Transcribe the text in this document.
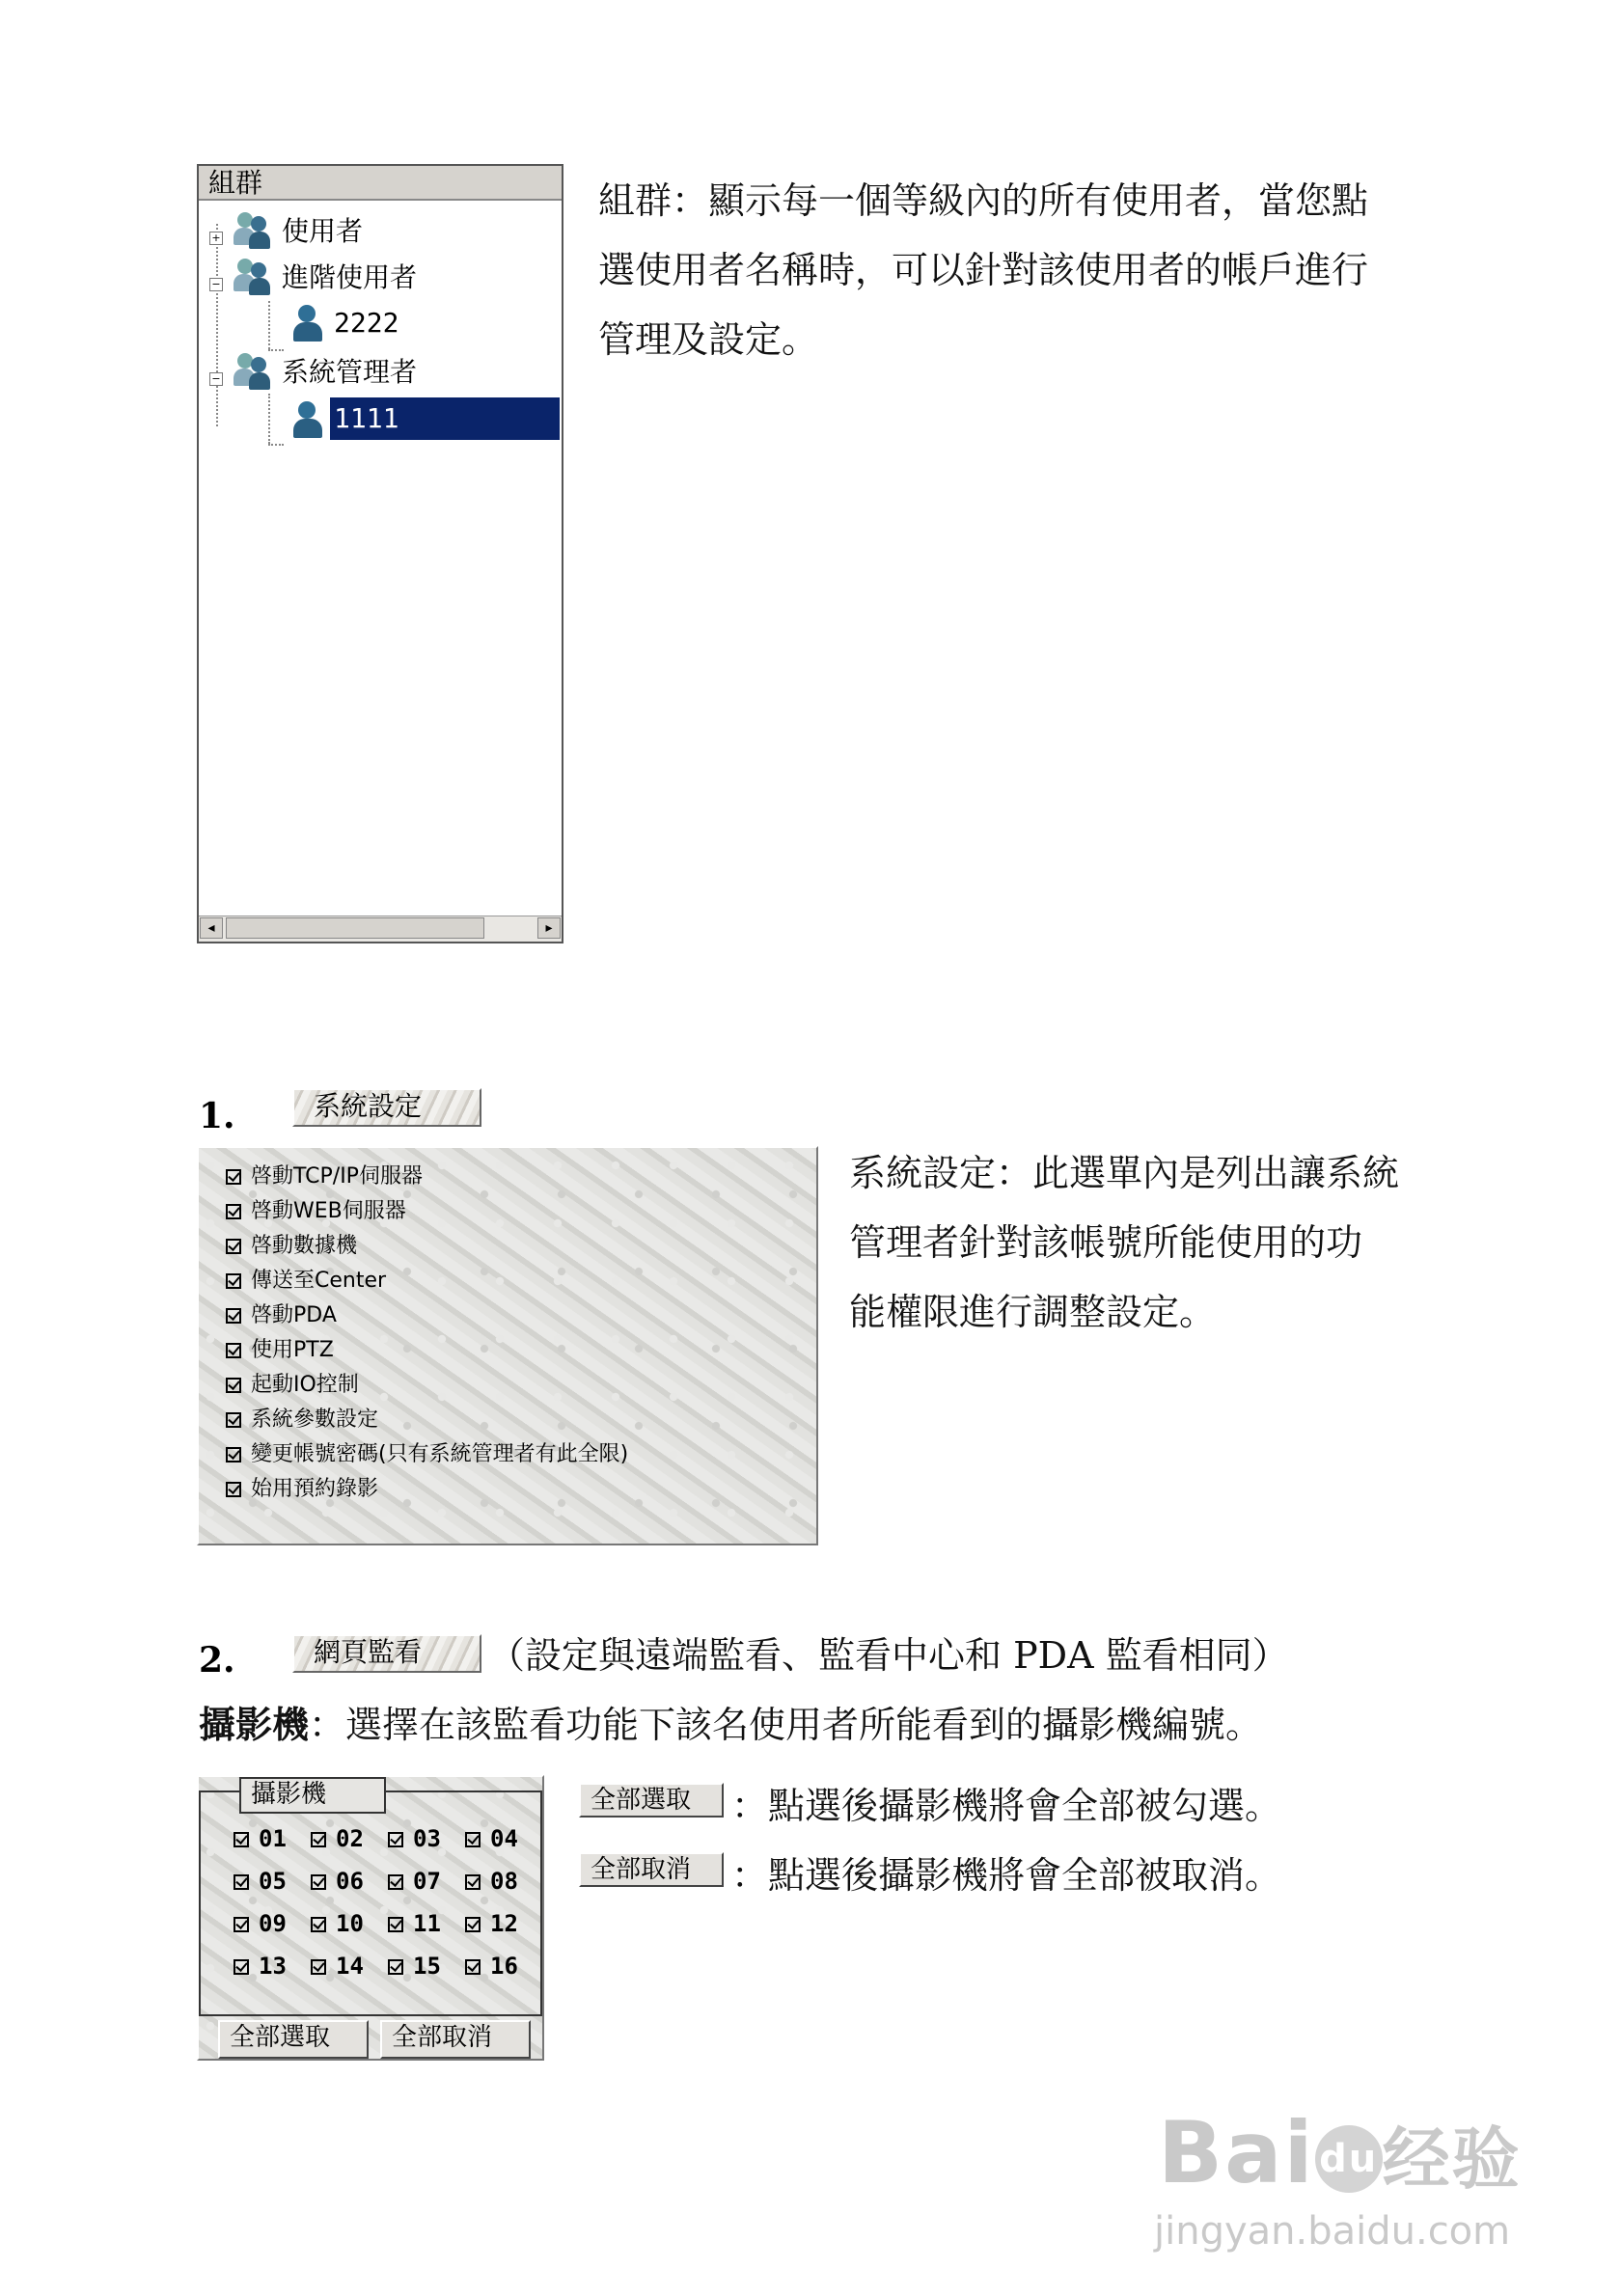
組群
+
−
−
使用者
進階使用者
2222
系統管理者
1111
◂	▸
組群：顯示每一個等級內的所有使用者，當您點
選使用者名稱時，可以針對該使用者的帳戶進行
管理及設定。
1.	系統設定
啓動TCP/IP伺服器
啓動WEB伺服器
啓動數據機
傳送至Center
啓動PDA
使用PTZ
起動IO控制
系統參數設定
變更帳號密碼(只有系統管理者有此全限)
始用預約錄影
系統設定：此選單內是列出讓系統
管理者針對該帳號所能使用的功
能權限進行調整設定。
2.	網頁監看	（設定與遠端監看、監看中心和 PDA 監看相同）
攝影機：選擇在該監看功能下該名使用者所能看到的攝影機編號。
攝影機
01	02	03	04
05	06	07	08
09	10	11	12
13	14	15	16
全部選取	全部取消
全部選取	：點選後攝影機將會全部被勾選。
全部取消	：點選後攝影機將會全部被取消。
Bai du经验
jingyan.baidu.com
